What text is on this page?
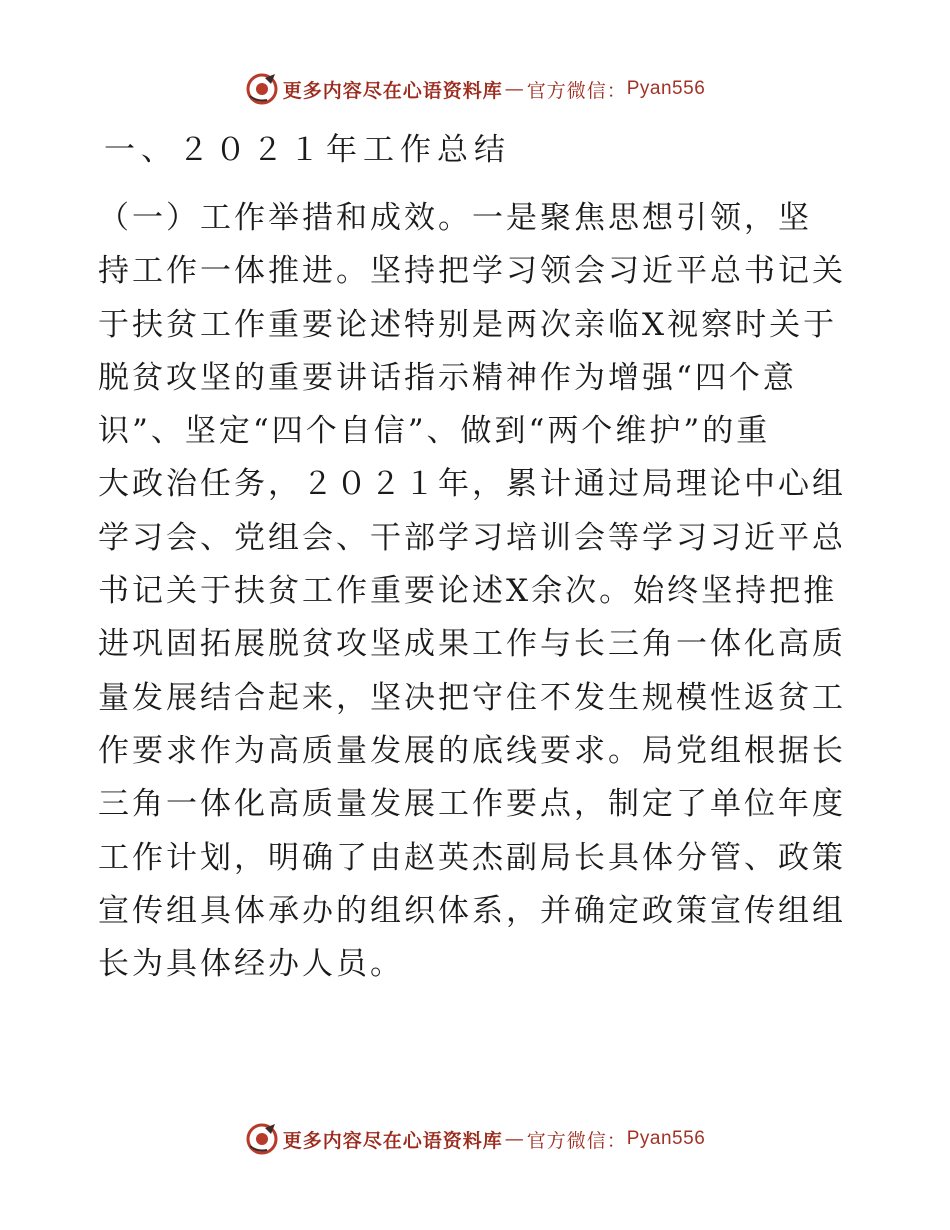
更多内容尽在心语资料库 — 官方微信： Pyan556
一、２０２１年工作总结
（一）工作举措和成效。一是聚焦思想引领，坚
持工作一体推进。坚持把学习领会习近平总书记关
于扶贫工作重要论述特别是两次亲临X视察时关于
脱贫攻坚的重要讲话指示精神作为增强“四个意
识”、坚定“四个自信”、做到“两个维护”的重
大政治任务，２０２１年，累计通过局理论中心组
学习会、党组会、干部学习培训会等学习习近平总
书记关于扶贫工作重要论述X余次。始终坚持把推
进巩固拓展脱贫攻坚成果工作与长三角一体化高质
量发展结合起来，坚决把守住不发生规模性返贫工
作要求作为高质量发展的底线要求。局党组根据长
三角一体化高质量发展工作要点，制定了单位年度
工作计划，明确了由赵英杰副局长具体分管、政策
宣传组具体承办的组织体系，并确定政策宣传组组
长为具体经办人员。
更多内容尽在心语资料库 — 官方微信： Pyan556
